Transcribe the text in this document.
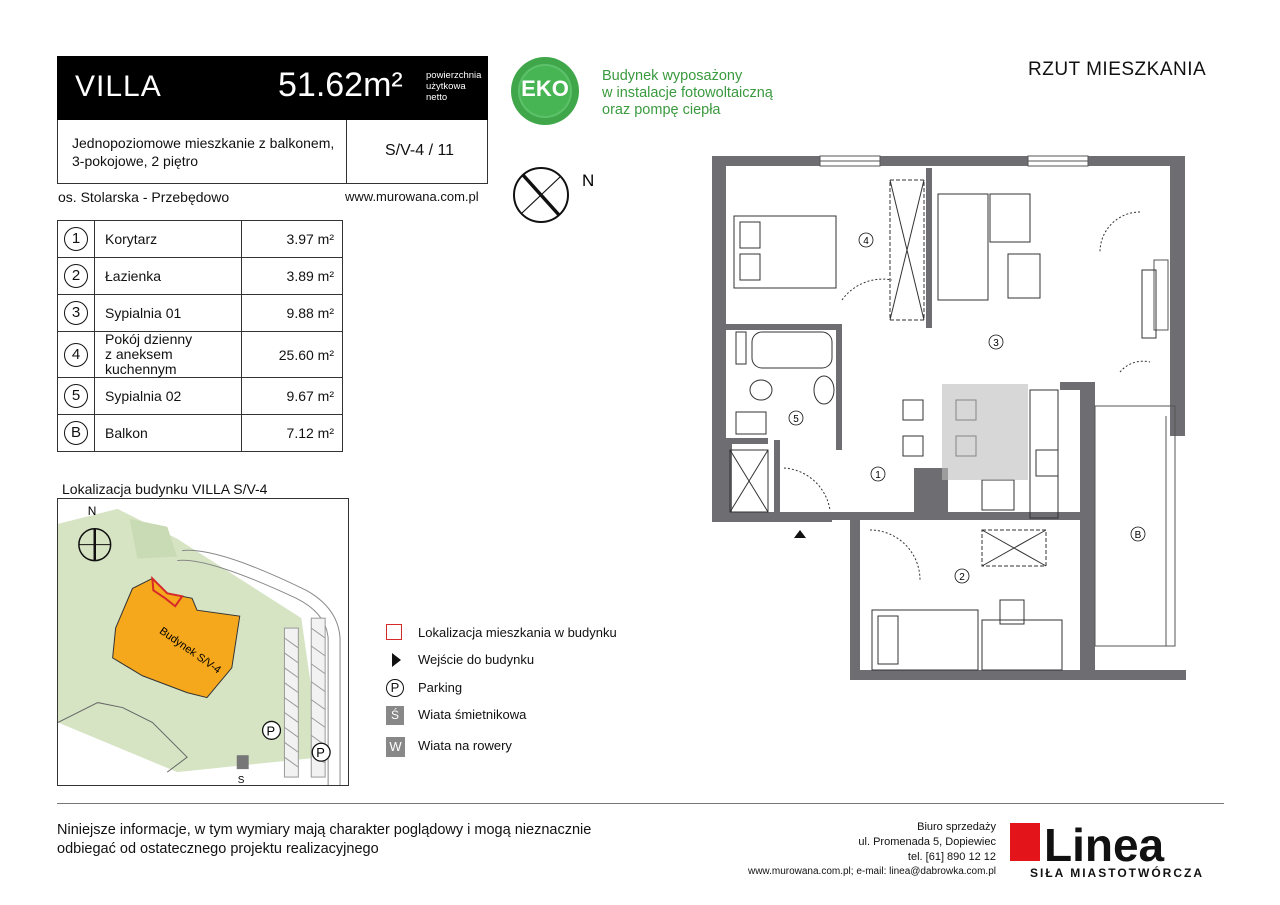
VILLA	51.62m² powierzchnia
użytkowa
netto
Jednopoziomowe mieszkanie z balkonem,
3-pokojowe, 2 piętro
S/V-4 / 11
os. Stolarska - Przebędowo	www.murowana.com.pl
EKO	Budynek wyposażony
w instalacje fotowoltaiczną
oraz pompę ciepła
RZUT MIESZKANIA
N
1	Korytarz	3.97 m²
2	Łazienka	3.89 m²
3	Sypialnia 01	9.88 m²
4	Pokój dzienny
z aneksem kuchennym	25.60 m²
5	Sypialnia 02	9.67 m²
B	Balkon	7.12 m²
Lokalizacja budynku VILLA S/V-4
Budynek S/V-4
N
P
P
S
Lokalizacja mieszkania w budynku
Wejście do budynku
P	Parking
Ś	Wiata śmietnikowa
W Wiata na rowery
4
3
5
1
2
B
Niniejsze informacje, w tym wymiary mają charakter poglądowy i mogą nieznacznie
odbiegać od ostatecznego projektu realizacyjnego
Biuro sprzedaży
ul. Promenada 5, Dopiewiec
tel. [61] 890 12 12
www.murowana.com.pl; e-mail: linea@dabrowka.com.pl
Linea
SIŁA MIASTOTWÓRCZA
